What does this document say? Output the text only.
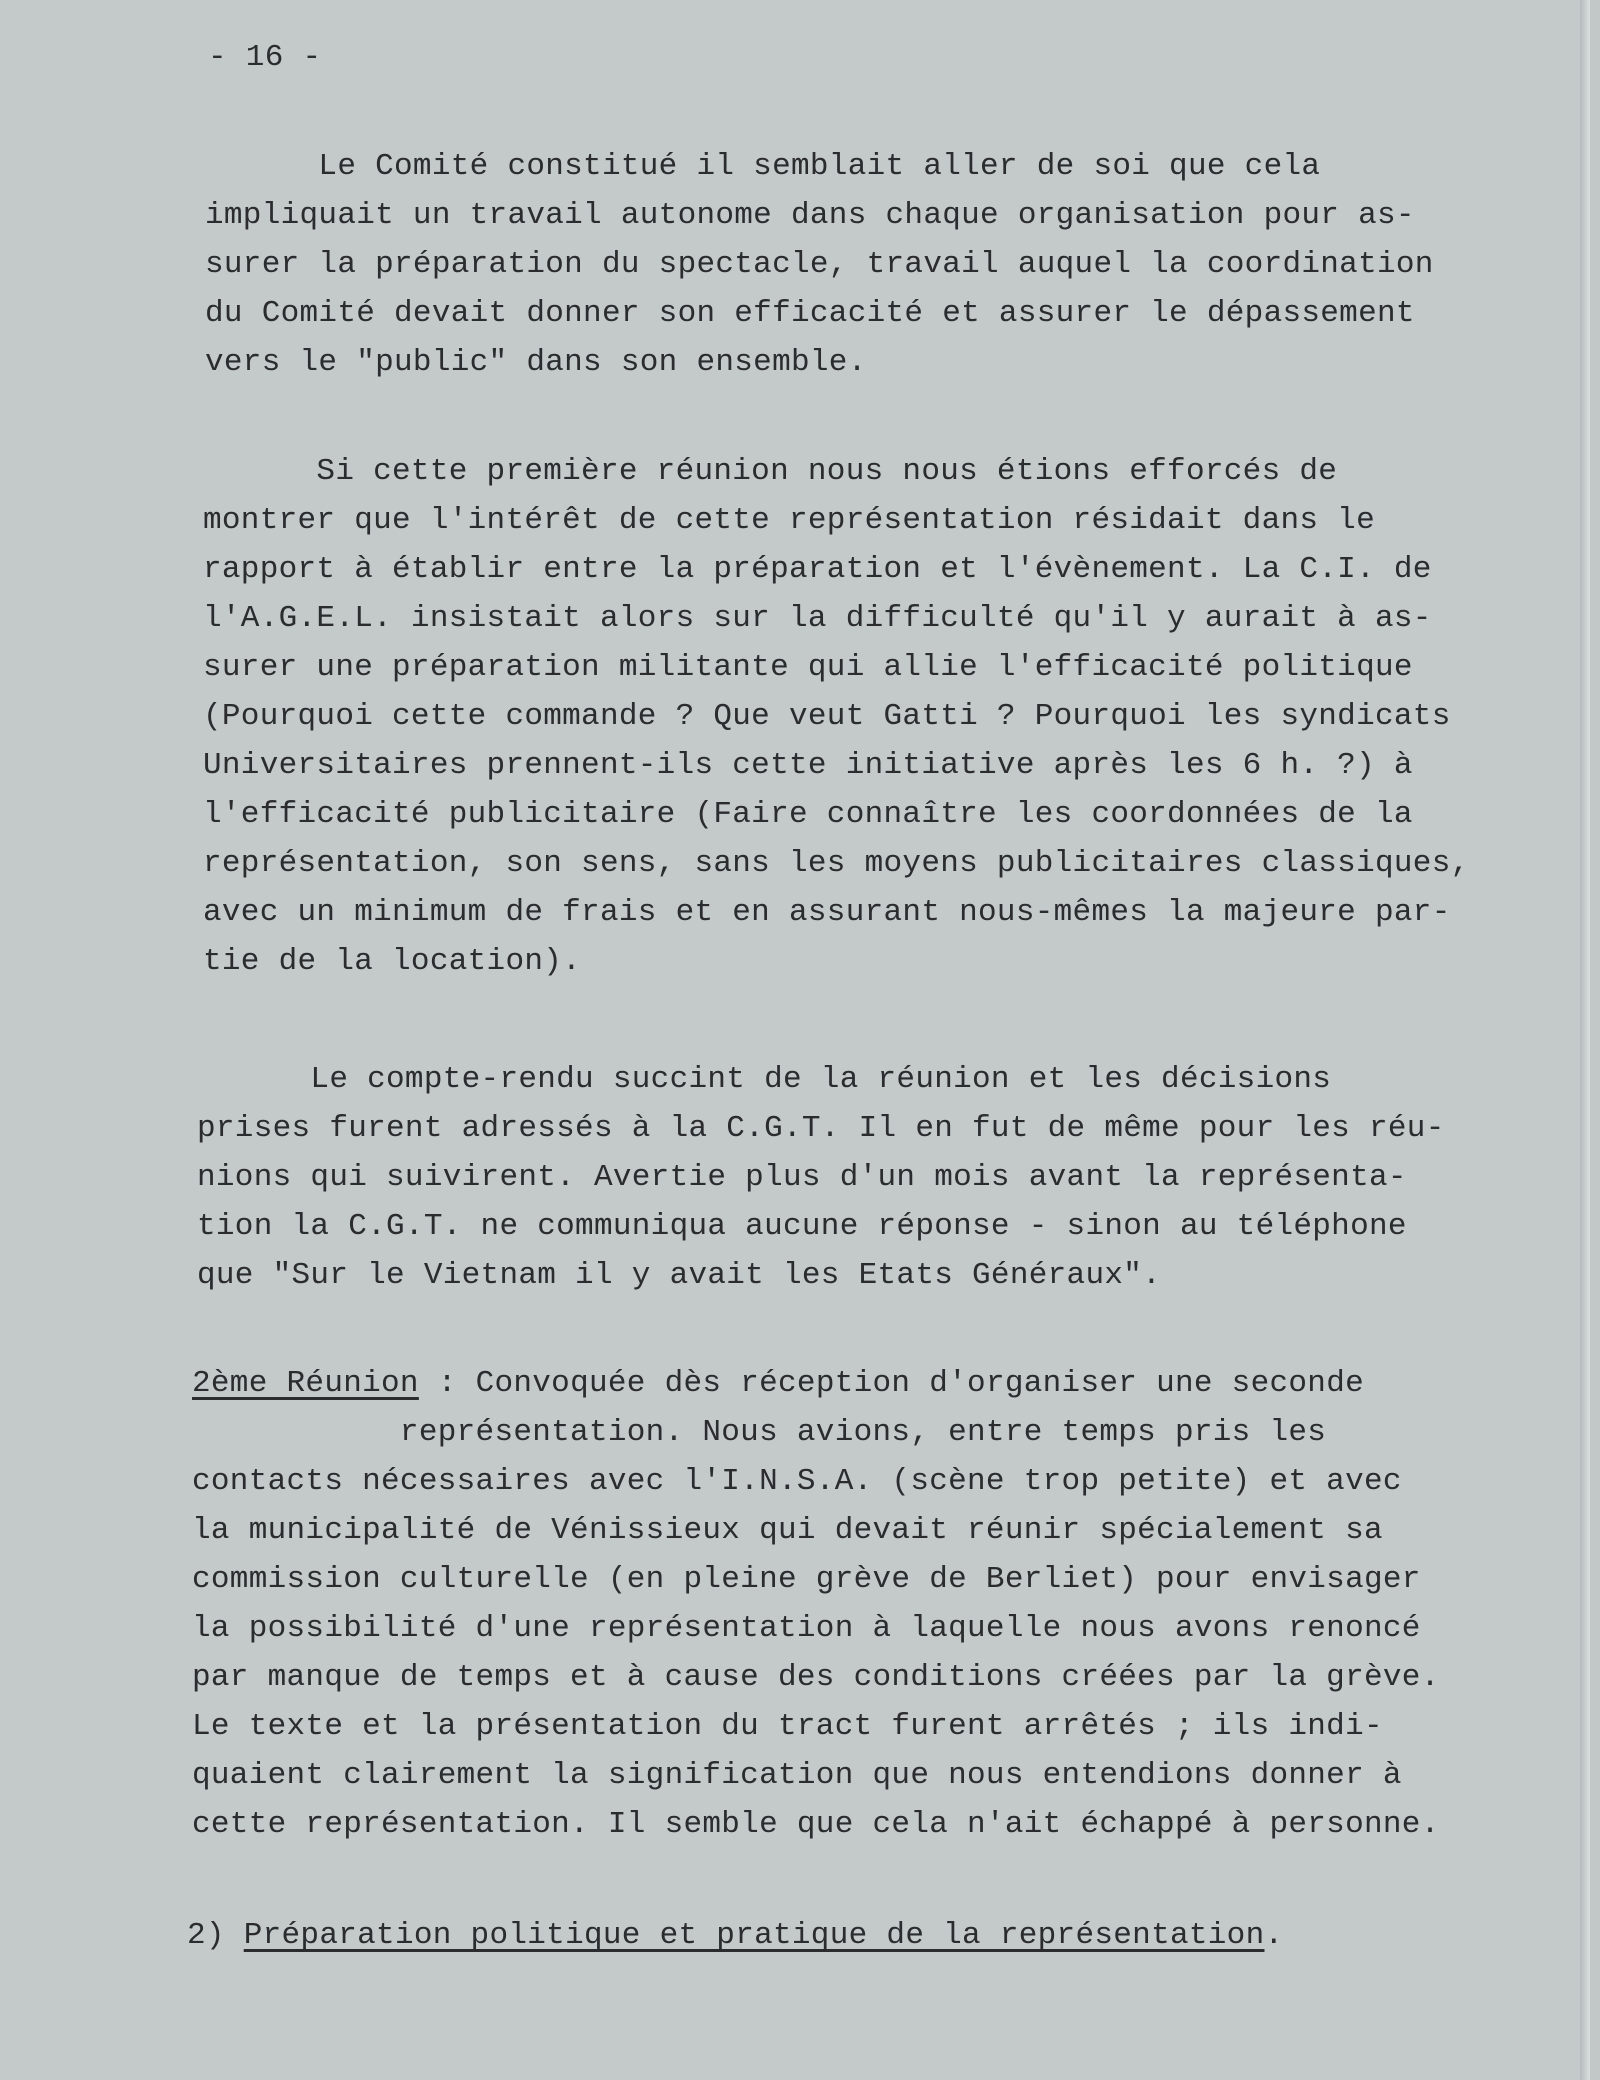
- 16 -
Le Comité constitué il semblait aller de soi que cela
impliquait un travail autonome dans chaque organisation pour as-
surer la préparation du spectacle, travail auquel la coordination
du Comité devait donner son efficacité et assurer le dépassement
vers le "public" dans son ensemble.
Si cette première réunion nous nous étions efforcés de
montrer que l'intérêt de cette représentation résidait dans le
rapport à établir entre la préparation et l'évènement. La C.I. de
l'A.G.E.L. insistait alors sur la difficulté qu'il y aurait à as-
surer une préparation militante qui allie l'efficacité politique
(Pourquoi cette commande ? Que veut Gatti ? Pourquoi les syndicats
Universitaires prennent-ils cette initiative après les 6 h. ?) à
l'efficacité publicitaire (Faire connaître les coordonnées de la
représentation, son sens, sans les moyens publicitaires classiques,
avec un minimum de frais et en assurant nous-mêmes la majeure par-
tie de la location).
Le compte-rendu succint de la réunion et les décisions
prises furent adressés à la C.G.T. Il en fut de même pour les réu-
nions qui suivirent. Avertie plus d'un mois avant la représenta-
tion la C.G.T. ne communiqua aucune réponse - sinon au téléphone
que "Sur le Vietnam il y avait les Etats Généraux".
2ème Réunion : Convoquée dès réception d'organiser une seconde
représentation. Nous avions, entre temps pris les
contacts nécessaires avec l'I.N.S.A. (scène trop petite) et avec
la municipalité de Vénissieux qui devait réunir spécialement sa
commission culturelle (en pleine grève de Berliet) pour envisager
la possibilité d'une représentation à laquelle nous avons renoncé
par manque de temps et à cause des conditions créées par la grève.
Le texte et la présentation du tract furent arrêtés ; ils indi-
quaient clairement la signification que nous entendions donner à
cette représentation. Il semble que cela n'ait échappé à personne.
2) Préparation politique et pratique de la représentation.
